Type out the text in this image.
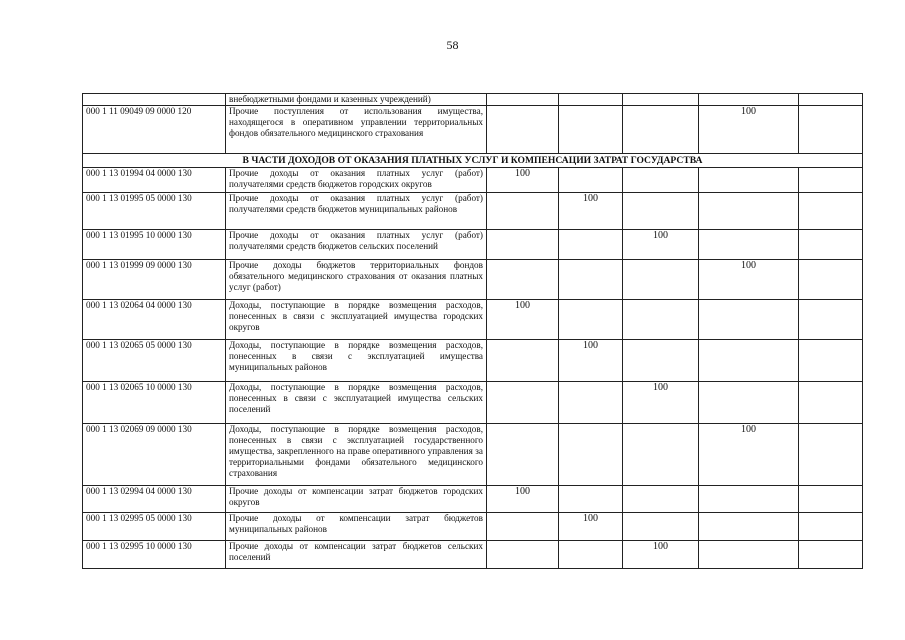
58
	внебюджетными фондами и казенных учреждений)					
000 1 11 09049 09 0000 120	Прочие поступления от использования имущества, находящегося в оперативном управлении территориальных фондов обязательного медицинского страхования				100	
В ЧАСТИ ДОХОДОВ ОТ ОКАЗАНИЯ ПЛАТНЫХ УСЛУГ И КОМПЕНСАЦИИ ЗАТРАТ ГОСУДАРСТВА						
000 1 13 01994 04 0000 130	Прочие доходы от оказания платных услуг (работ) получателями средств бюджетов городских округов	100				
000 1 13 01995 05 0000 130	Прочие доходы от оказания платных услуг (работ) получателями средств бюджетов муниципальных районов		100			
000 1 13 01995 10 0000 130	Прочие доходы от оказания платных услуг (работ) получателями средств бюджетов сельских поселений			100		
000 1 13 01999 09 0000 130	Прочие доходы бюджетов территориальных фондов обязательного медицинского страхования от оказания платных услуг (работ)				100	
000 1 13 02064 04 0000 130	Доходы, поступающие в порядке возмещения расходов, понесенных в связи с эксплуатацией имущества городских округов	100				
000 1 13 02065 05 0000 130	Доходы, поступающие в порядке возмещения расходов, понесенных в связи с эксплуатацией имущества муниципальных районов		100			
000 1 13 02065 10 0000 130	Доходы, поступающие в порядке возмещения расходов, понесенных в связи с эксплуатацией имущества сельских поселений			100		
000 1 13 02069 09 0000 130	Доходы, поступающие в порядке возмещения расходов, понесенных в связи с эксплуатацией государственного имущества, закрепленного на праве оперативного управления за территориальными фондами обязательного медицинского страхования				100	
000 1 13 02994 04 0000 130	Прочие доходы от компенсации затрат бюджетов городских округов	100				
000 1 13 02995 05 0000 130	Прочие доходы от компенсации затрат бюджетов муниципальных районов		100			
000 1 13 02995 10 0000 130	Прочие доходы от компенсации затрат бюджетов сельских поселений			100		
